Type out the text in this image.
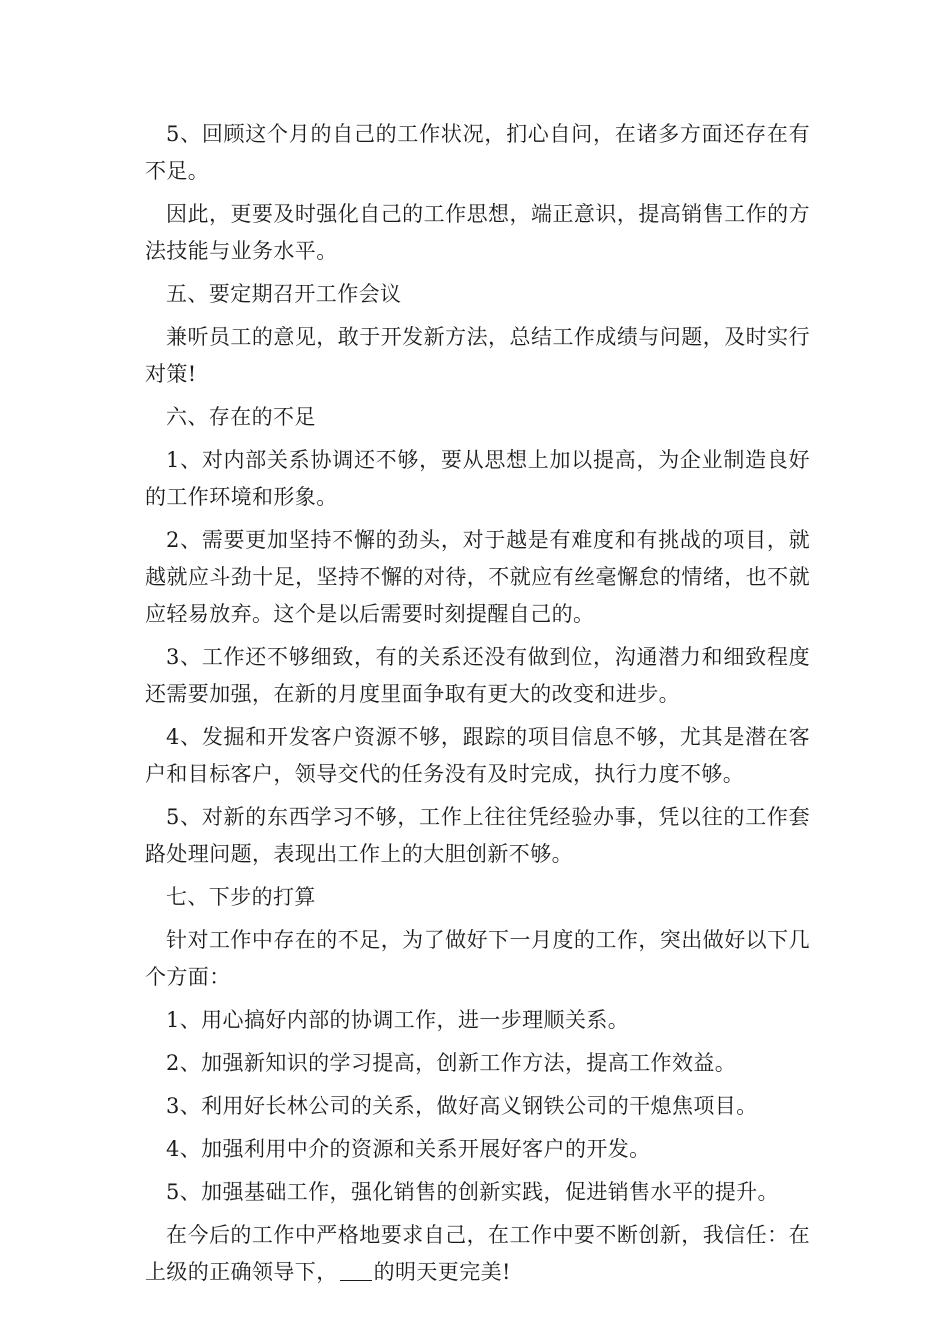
5、回顾这个月的自己的工作状况，扪心自问，在诸多方面还存在有不足。

因此，更要及时强化自己的工作思想，端正意识，提高销售工作的方法技能与业务水平。

五、要定期召开工作会议

兼听员工的意见，敢于开发新方法，总结工作成绩与问题，及时实行对策!

六、存在的不足

1、对内部关系协调还不够，要从思想上加以提高，为企业制造良好的工作环境和形象。

2、需要更加坚持不懈的劲头，对于越是有难度和有挑战的项目，就越就应斗劲十足，坚持不懈的对待，不就应有丝毫懈怠的情绪，也不就应轻易放弃。这个是以后需要时刻提醒自己的。

3、工作还不够细致，有的关系还没有做到位，沟通潜力和细致程度还需要加强，在新的月度里面争取有更大的改变和进步。

4、发掘和开发客户资源不够，跟踪的项目信息不够，尤其是潜在客户和目标客户，领导交代的任务没有及时完成，执行力度不够。

5、对新的东西学习不够，工作上往往凭经验办事，凭以往的工作套路处理问题，表现出工作上的大胆创新不够。

七、下步的打算

针对工作中存在的不足，为了做好下一月度的工作，突出做好以下几个方面：

1、用心搞好内部的协调工作，进一步理顺关系。

2、加强新知识的学习提高，创新工作方法，提高工作效益。

3、利用好长林公司的关系，做好高义钢铁公司的干熄焦项目。

4、加强利用中介的资源和关系开展好客户的开发。

5、加强基础工作，强化销售的创新实践，促进销售水平的提升。

在今后的工作中严格地要求自己，在工作中要不断创新，我信任：在上级的正确领导下， 的明天更完美!
